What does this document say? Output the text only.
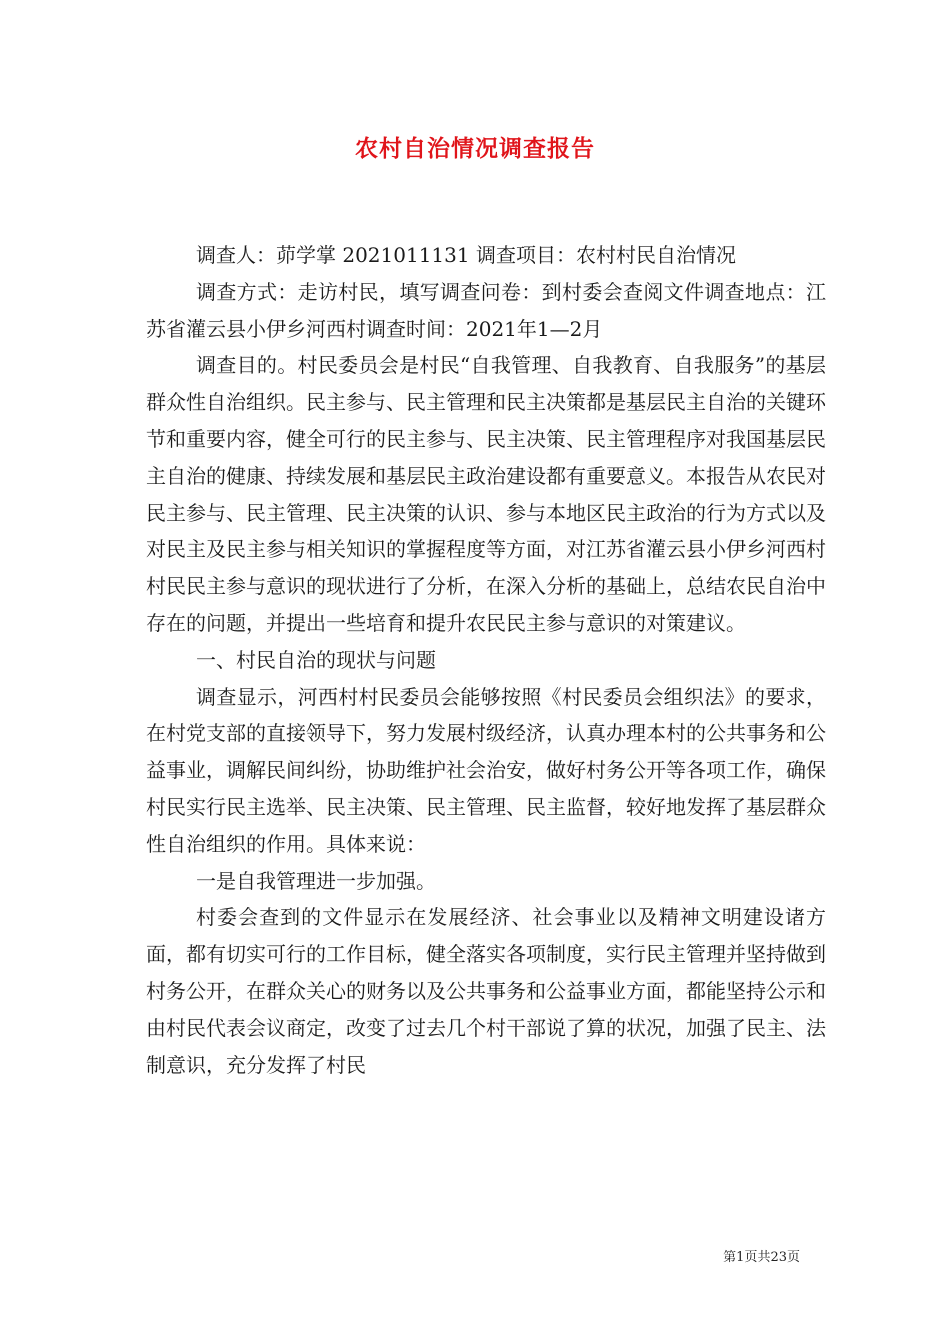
农村自治情况调查报告

调查人：茆学掌 2021011131 调查项目：农村村民自治情况

调查方式：走访村民，填写调查问卷：到村委会查阅文件调查地点：江苏省灌云县小伊乡河西村调查时间：2021年1—2月

调查目的。村民委员会是村民“自我管理、自我教育、自我服务”的基层群众性自治组织。民主参与、民主管理和民主决策都是基层民主自治的关键环节和重要内容，健全可行的民主参与、民主决策、民主管理程序对我国基层民主自治的健康、持续发展和基层民主政治建设都有重要意义。本报告从农民对民主参与、民主管理、民主决策的认识、参与本地区民主政治的行为方式以及对民主及民主参与相关知识的掌握程度等方面，对江苏省灌云县小伊乡河西村村民民主参与意识的现状进行了分析，在深入分析的基础上，总结农民自治中存在的问题，并提出一些培育和提升农民民主参与意识的对策建议。

一、村民自治的现状与问题

调查显示，河西村村民委员会能够按照《村民委员会组织法》的要求，在村党支部的直接领导下，努力发展村级经济，认真办理本村的公共事务和公益事业，调解民间纠纷，协助维护社会治安，做好村务公开等各项工作，确保村民实行民主选举、民主决策、民主管理、民主监督，较好地发挥了基层群众性自治组织的作用。具体来说：

一是自我管理进一步加强。

村委会查到的文件显示在发展经济、社会事业以及精神文明建设诸方面，都有切实可行的工作目标，健全落实各项制度，实行民主管理并坚持做到村务公开，在群众关心的财务以及公共事务和公益事业方面，都能坚持公示和由村民代表会议商定，改变了过去几个村干部说了算的状况，加强了民主、法制意识，充分发挥了村民

第1页共23页
